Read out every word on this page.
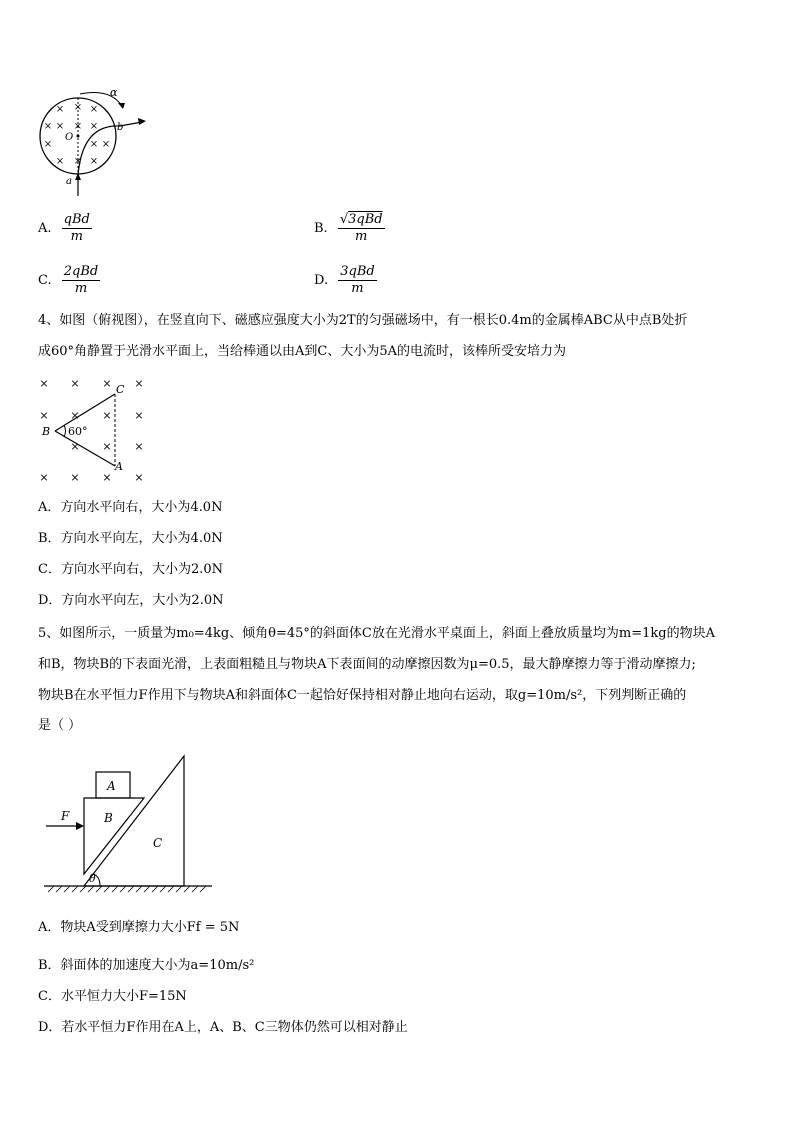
× × ×
× × × ×
×	× ×
× × ×
α
b
O
a
A. $\frac{\text{qBd}}{m}$	B. $\frac{\text{√3qBd}}{m}$
C. $\frac{\text{2qBd}}{m}$	D. $\frac{\text{3qBd}}{m}$
4、如图（俯视图），在竖直向下、磁感应强度大小为2T的匀强磁场中，有一根长0.4m的金属棒ABC从中点B处折
成60°角静置于光滑水平面上，当给棒通以由A到C、大小为5A的电流时，该棒所受安培力为
× × × ×
× × × ×
× × ×
× × × ×
C
B 60°
A
A．方向水平向右，大小为4.0N
B．方向水平向左，大小为4.0N
C．方向水平向右，大小为2.0N
D．方向水平向左，大小为2.0N
5、如图所示，一质量为m₀=4kg、倾角θ=45°的斜面体C放在光滑水平桌面上，斜面上叠放质量均为m=1kg的物块A
和B，物块B的下表面光滑，上表面粗糙且与物块A下表面间的动摩擦因数为μ=0.5，最大静摩擦力等于滑动摩擦力;
物块B在水平恒力F作用下与物块A和斜面体C一起恰好保持相对静止地向右运动，取g=10m/s²，下列判断正确的
是（ ）
A
B
C
F
θ
A．物块A受到摩擦力大小Ff = 5N
B．斜面体的加速度大小为a=10m/s²
C．水平恒力大小F=15N
D．若水平恒力F作用在A上，A、B、C三物体仍然可以相对静止
